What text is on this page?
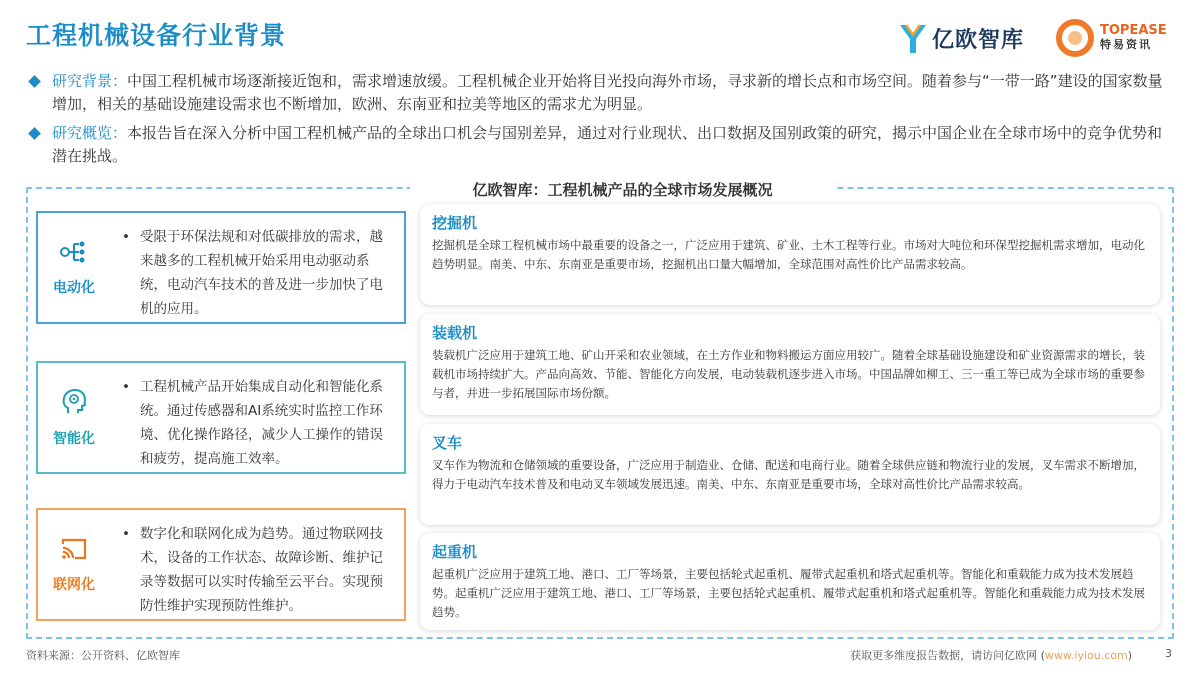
工程机械设备行业背景	亿欧智库	TOPEASE
特易资讯
研究背景：中国工程机械市场逐渐接近饱和，需求增速放缓。工程机械企业开始将目光投向海外市场，寻求新的增长点和市场空间。随着参与“一带一路”建设的国家数量增加，相关的基础设施建设需求也不断增加，欧洲、东南亚和拉美等地区的需求尤为明显。
研究概览：本报告旨在深入分析中国工程机械产品的全球出口机会与国别差异，通过对行业现状、出口数据及国别政策的研究，揭示中国企业在全球市场中的竞争优势和潜在挑战。
亿欧智库：工程机械产品的全球市场发展概况
电动化
• 受限于环保法规和对低碳排放的需求，越来越多的工程机械开始采用电动驱动系统，电动汽车技术的普及进一步加快了电机的应用。
智能化
• 工程机械产品开始集成自动化和智能化系统。通过传感器和AI系统实时监控工作环境、优化操作路径，减少人工操作的错误和疲劳，提高施工效率。
联网化
• 数字化和联网化成为趋势。通过物联网技术，设备的工作状态、故障诊断、维护记录等数据可以实时传输至云平台。实现预防性维护实现预防性维护。
挖掘机
挖掘机是全球工程机械市场中最重要的设备之一，广泛应用于建筑、矿业、土木工程等行业。市场对大吨位和环保型挖掘机需求增加，电动化趋势明显。南美、中东、东南亚是重要市场，挖掘机出口量大幅增加，全球范围对高性价比产品需求较高。
装载机
装载机广泛应用于建筑工地、矿山开采和农业领域，在土方作业和物料搬运方面应用较广。随着全球基础设施建设和矿业资源需求的增长，装载机市场持续扩大。产品向高效、节能、智能化方向发展，电动装载机逐步进入市场。中国品牌如柳工、三一重工等已成为全球市场的重要参与者，并进一步拓展国际市场份额。
叉车
叉车作为物流和仓储领域的重要设备，广泛应用于制造业、仓储、配送和电商行业。随着全球供应链和物流行业的发展，叉车需求不断增加，得力于电动汽车技术普及和电动叉车领域发展迅速。南美、中东、东南亚是重要市场，全球对高性价比产品需求较高。
起重机
起重机广泛应用于建筑工地、港口、工厂等场景，主要包括轮式起重机、履带式起重机和塔式起重机等。智能化和重载能力成为技术发展趋势。起重机广泛应用于建筑工地、港口、工厂等场景，主要包括轮式起重机、履带式起重机和塔式起重机等。智能化和重载能力成为技术发展趋势。
资料来源：公开资料、亿欧智库	获取更多维度报告数据，请访问亿欧网 (www.iyiou.com)	3
